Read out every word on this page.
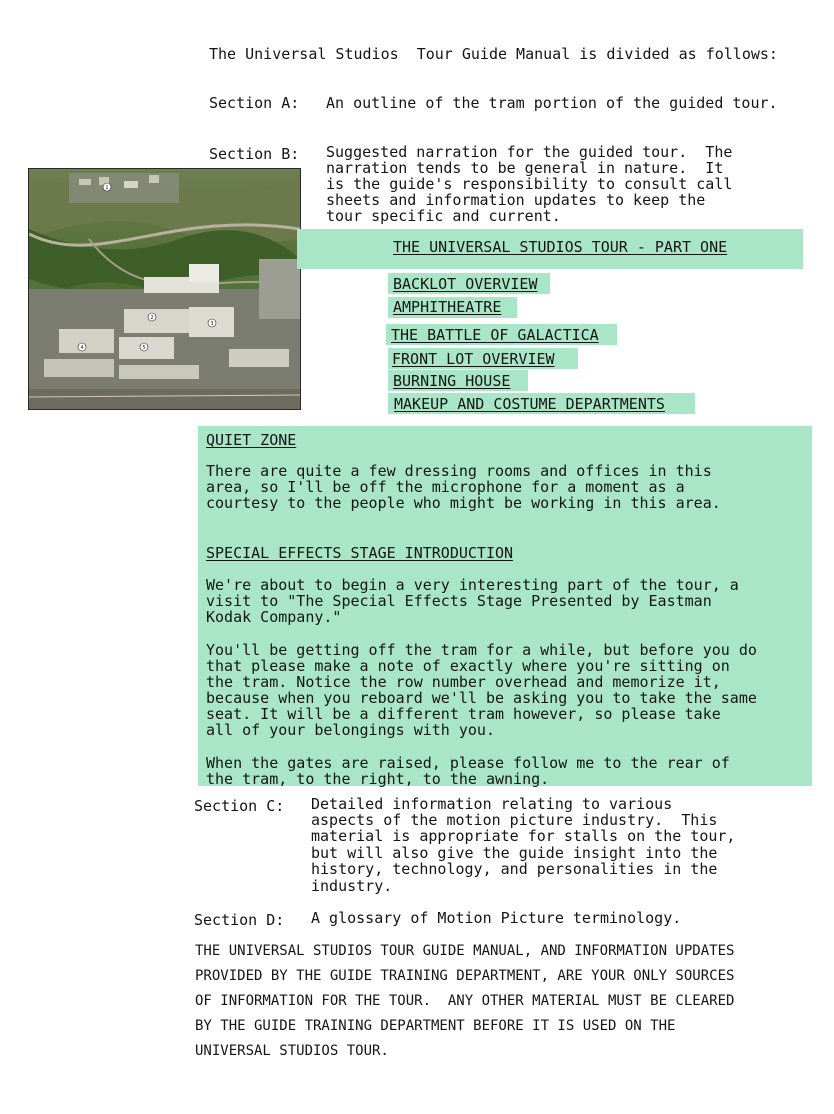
The Universal Studios  Tour Guide Manual is divided as follows:
Section A: An outline of the tram portion of the guided tour.
Section B: Suggested narration for the guided tour.  The
narration tends to be general in nature.  It
is the guide's responsibility to consult call
sheets and information updates to keep the
tour specific and current.
1
2
3
4	5
THE UNIVERSAL STUDIOS TOUR - PART ONE
BACKLOT OVERVIEW
AMPHITHEATRE
THE BATTLE OF GALACTICA
FRONT LOT OVERVIEW
BURNING HOUSE
MAKEUP AND COSTUME DEPARTMENTS
QUIET ZONE
There are quite a few dressing rooms and offices in this
area, so I'll be off the microphone for a moment as a
courtesy to the people who might be working in this area.
SPECIAL EFFECTS STAGE INTRODUCTION
We're about to begin a very interesting part of the tour, a
visit to "The Special Effects Stage Presented by Eastman
Kodak Company."
You'll be getting off the tram for a while, but before you do
that please make a note of exactly where you're sitting on
the tram. Notice the row number overhead and memorize it,
because when you reboard we'll be asking you to take the same
seat. It will be a different tram however, so please take
all of your belongings with you.
When the gates are raised, please follow me to the rear of
the tram, to the right, to the awning.
Section C: Detailed information relating to various
aspects of the motion picture industry.  This
material is appropriate for stalls on the tour,
but will also give the guide insight into the
history, technology, and personalities in the
industry.
Section D: A glossary of Motion Picture terminology.
THE UNIVERSAL STUDIOS TOUR GUIDE MANUAL, AND INFORMATION UPDATES
PROVIDED BY THE GUIDE TRAINING DEPARTMENT, ARE YOUR ONLY SOURCES
OF INFORMATION FOR THE TOUR.  ANY OTHER MATERIAL MUST BE CLEARED
BY THE GUIDE TRAINING DEPARTMENT BEFORE IT IS USED ON THE
UNIVERSAL STUDIOS TOUR.
